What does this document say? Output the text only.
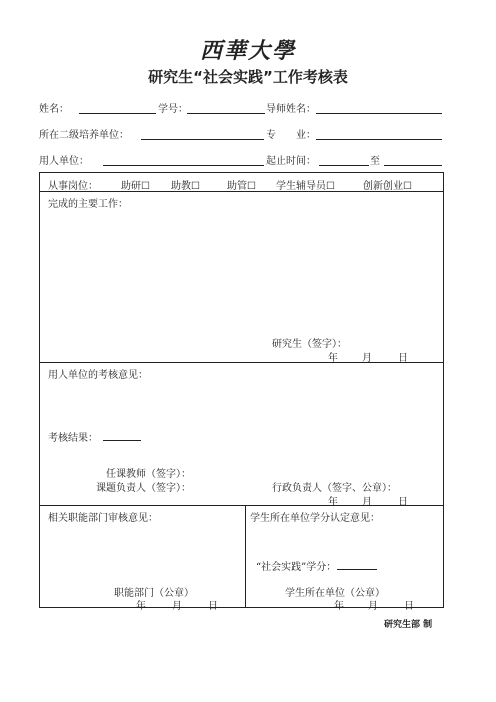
西華大學
研究生“社会实践”工作考核表
姓名：	学号：	导师姓名：
所在二级培养单位：	专　　业：
用人单位：	起止时间：	至
从事岗位： 助研☐ 助教☐	助管☐ 学生辅导员☐	创新创业☐
完成的主要工作：
研究生（签字）：
年 月	日
用人单位的考核意见：
考核结果：
任课教师（签字）：
课题负责人（签字）：	行政负责人（签字、公章）：
年 月	日
相关职能部门审核意见：	学生所在单位学分认定意见：
“社会实践”学分：
职能部门（公章）	学生所在单位（公章）
年	月	日	年 月	日
研究生部 制
